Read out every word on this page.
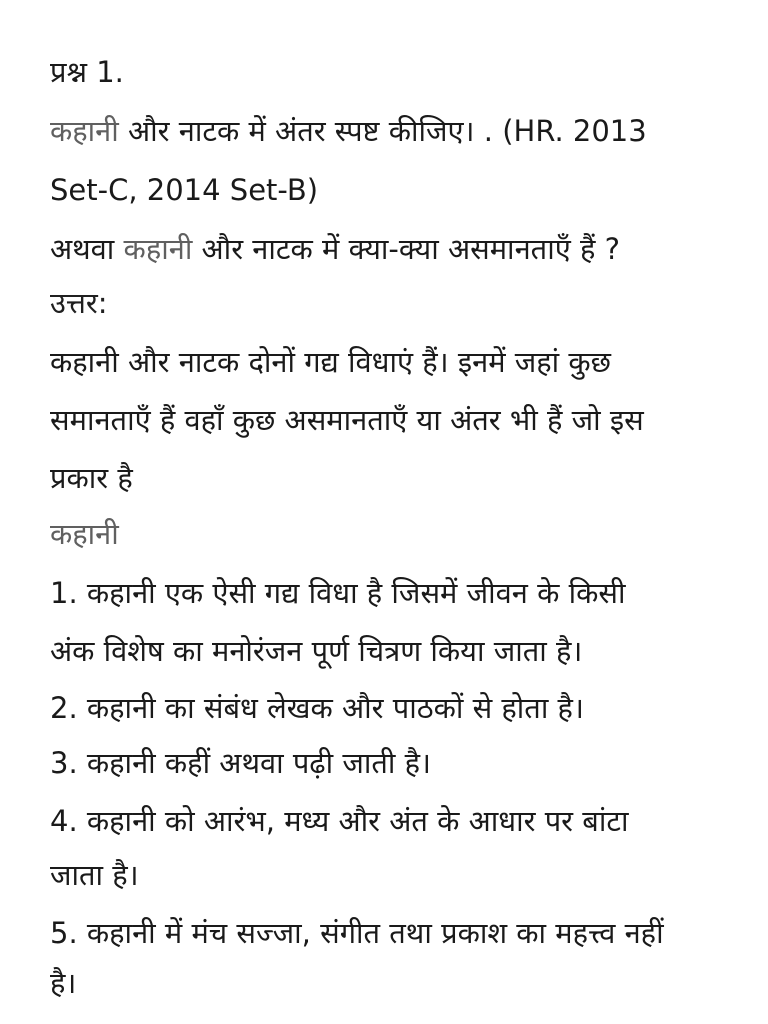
प्रश्न 1.
कहानी और नाटक में अंतर स्पष्ट कीजिए। . (HR. 2013
Set-C, 2014 Set-B)
अथवा कहानी और नाटक में क्या-क्या असमानताएँ हैं ?
उत्तर:
कहानी और नाटक दोनों गद्य विधाएं हैं। इनमें जहां कुछ
समानताएँ हैं वहाँ कुछ असमानताएँ या अंतर भी हैं जो इस
प्रकार है
कहानी
1. कहानी एक ऐसी गद्य विधा है जिसमें जीवन के किसी
अंक विशेष का मनोरंजन पूर्ण चित्रण किया जाता है।
2. कहानी का संबंध लेखक और पाठकों से होता है।
3. कहानी कहीं अथवा पढ़ी जाती है।
4. कहानी को आरंभ, मध्य और अंत के आधार पर बांटा
जाता है।
5. कहानी में मंच सज्जा, संगीत तथा प्रकाश का महत्त्व नहीं
है।
